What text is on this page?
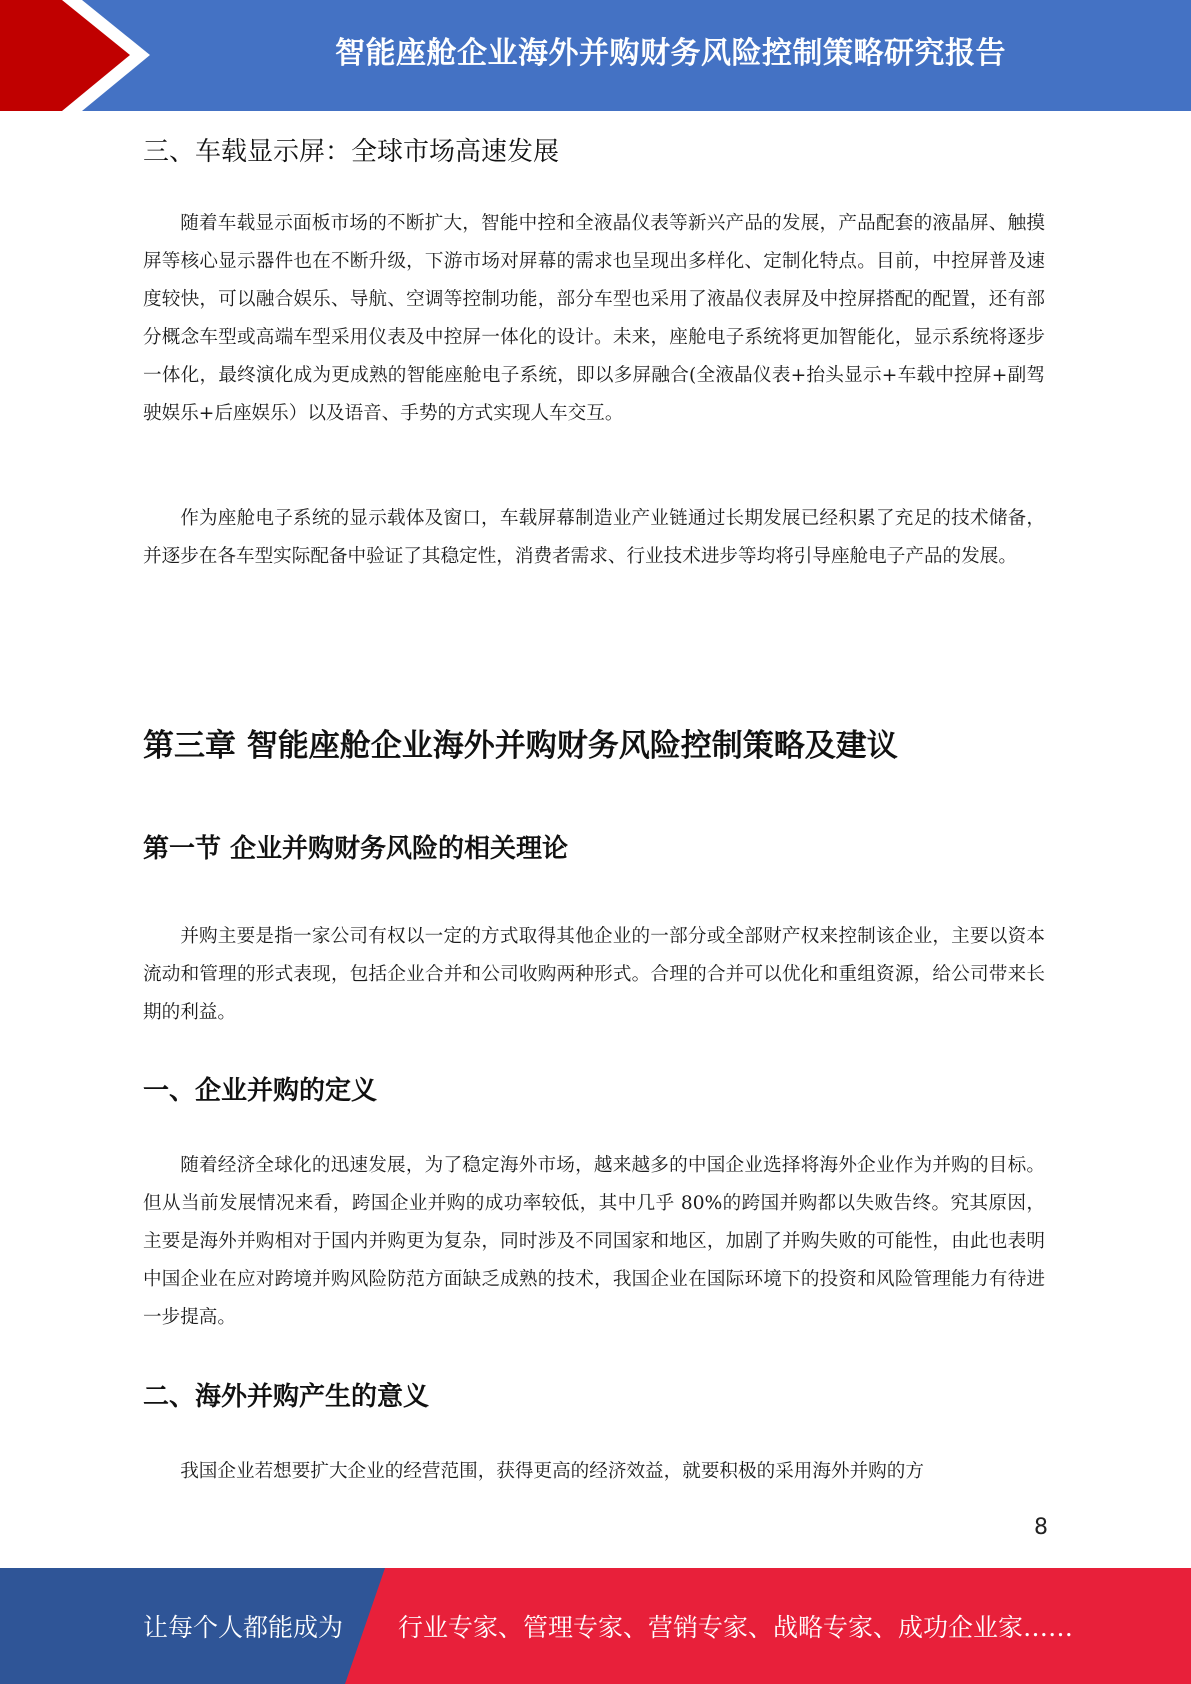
智能座舱企业海外并购财务风险控制策略研究报告
三、车载显示屏：全球市场高速发展

随着车载显示面板市场的不断扩大，智能中控和全液晶仪表等新兴产品的发展，产品配套的液晶屏、触摸屏等核心显示器件也在不断升级，下游市场对屏幕的需求也呈现出多样化、定制化特点。目前，中控屏普及速度较快，可以融合娱乐、导航、空调等控制功能，部分车型也采用了液晶仪表屏及中控屏搭配的配置，还有部分概念车型或高端车型采用仪表及中控屏一体化的设计。未来，座舱电子系统将更加智能化，显示系统将逐步一体化，最终演化成为更成熟的智能座舱电子系统，即以多屏融合(全液晶仪表+抬头显示+车载中控屏+副驾驶娱乐+后座娱乐）以及语音、手势的方式实现人车交互。

作为座舱电子系统的显示载体及窗口，车载屏幕制造业产业链通过长期发展已经积累了充足的技术储备，并逐步在各车型实际配备中验证了其稳定性，消费者需求、行业技术进步等均将引导座舱电子产品的发展。

第三章 智能座舱企业海外并购财务风险控制策略及建议
第一节 企业并购财务风险的相关理论

并购主要是指一家公司有权以一定的方式取得其他企业的一部分或全部财产权来控制该企业，主要以资本流动和管理的形式表现，包括企业合并和公司收购两种形式。合理的合并可以优化和重组资源，给公司带来长期的利益。

一、企业并购的定义

随着经济全球化的迅速发展，为了稳定海外市场，越来越多的中国企业选择将海外企业作为并购的目标。但从当前发展情况来看，跨国企业并购的成功率较低，其中几乎 80%的跨国并购都以失败告终。究其原因，主要是海外并购相对于国内并购更为复杂，同时涉及不同国家和地区，加剧了并购失败的可能性，由此也表明中国企业在应对跨境并购风险防范方面缺乏成熟的技术，我国企业在国际环境下的投资和风险管理能力有待进一步提高。

二、海外并购产生的意义

我国企业若想要扩大企业的经营范围，获得更高的经济效益，就要积极的采用海外并购的方

8
让每个人都能成为 行业专家、管理专家、营销专家、战略专家、成功企业家……
